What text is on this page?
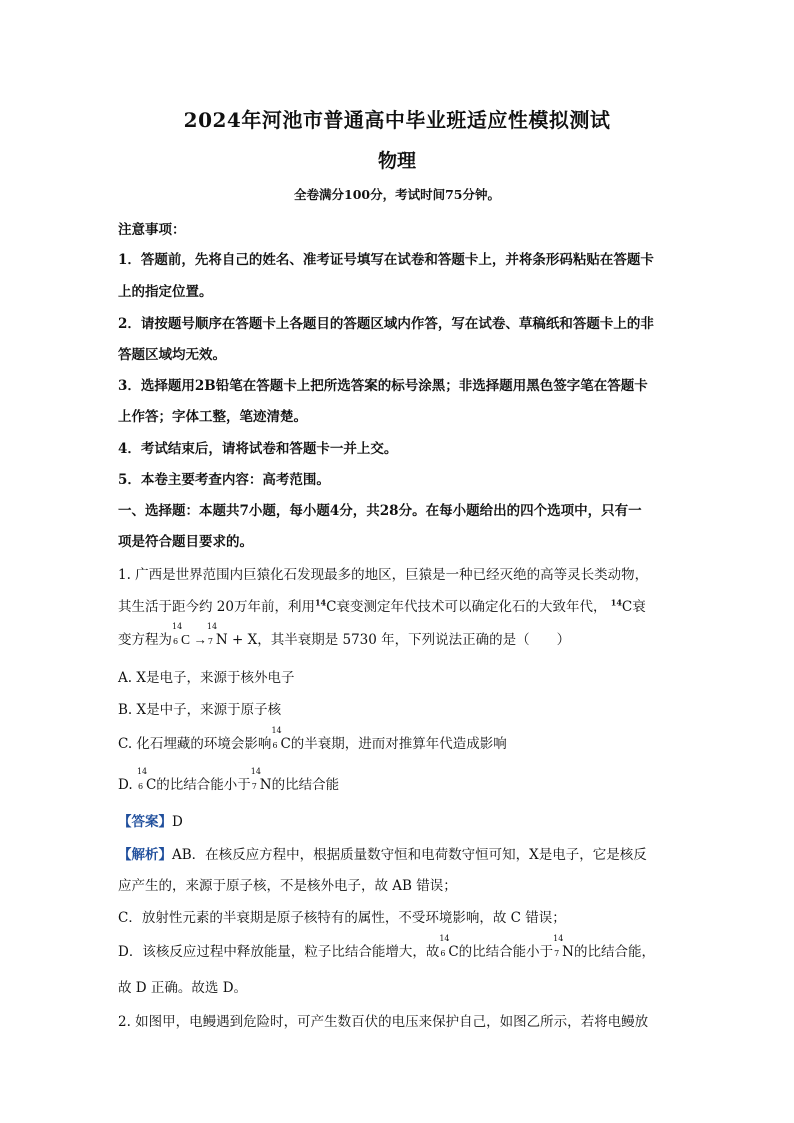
2024年河池市普通高中毕业班适应性模拟测试
物理
全卷满分100分，考试时间75分钟。
注意事项：
1．答题前，先将自己的姓名、准考证号填写在试卷和答题卡上，并将条形码粘贴在答题卡
上的指定位置。
2．请按题号顺序在答题卡上各题目的答题区域内作答，写在试卷、草稿纸和答题卡上的非
答题区域均无效。
3．选择题用2B铅笔在答题卡上把所选答案的标号涂黑；非选择题用黑色签字笔在答题卡
上作答；字体工整，笔迹清楚。
4．考试结束后，请将试卷和答题卡一并上交。
5．本卷主要考查内容：高考范围。
一、选择题：本题共7小题，每小题4分，共28分。在每小题给出的四个选项中，只有一
项是符合题目要求的。
1. 广西是世界范围内巨猿化石发现最多的地区，巨猿是一种已经灭绝的高等灵长类动物，
其生活于距今约 20万年前，利用$^{14}$C衰变测定年代技术可以确定化石的大致年代， $^{14}$C衰
变方程为
14
6 C →
14
7 N + X，其半衰期是 5730 年，下列说法正确的是（　　）
A. X是电子，来源于核外电子
B. X是中子，来源于原子核
C. 化石埋藏的环境会影响
14
6 C的半衰期，进而对推算年代造成影响
D.
14
6 C的比结合能小于
14
7 N的比结合能
【答案】D
【解析】AB．在核反应方程中，根据质量数守恒和电荷数守恒可知，X是电子，它是核反
应产生的，来源于原子核，不是核外电子，故 AB 错误；
C．放射性元素的半衰期是原子核特有的属性，不受环境影响，故 C 错误；
D．该核反应过程中释放能量，粒子比结合能增大，故
14
6 C的比结合能小于
14
7 N的比结合能，
故 D 正确。故选 D。
2. 如图甲，电鳗遇到危险时，可产生数百伏的电压来保护自己，如图乙所示，若将电鳗放
